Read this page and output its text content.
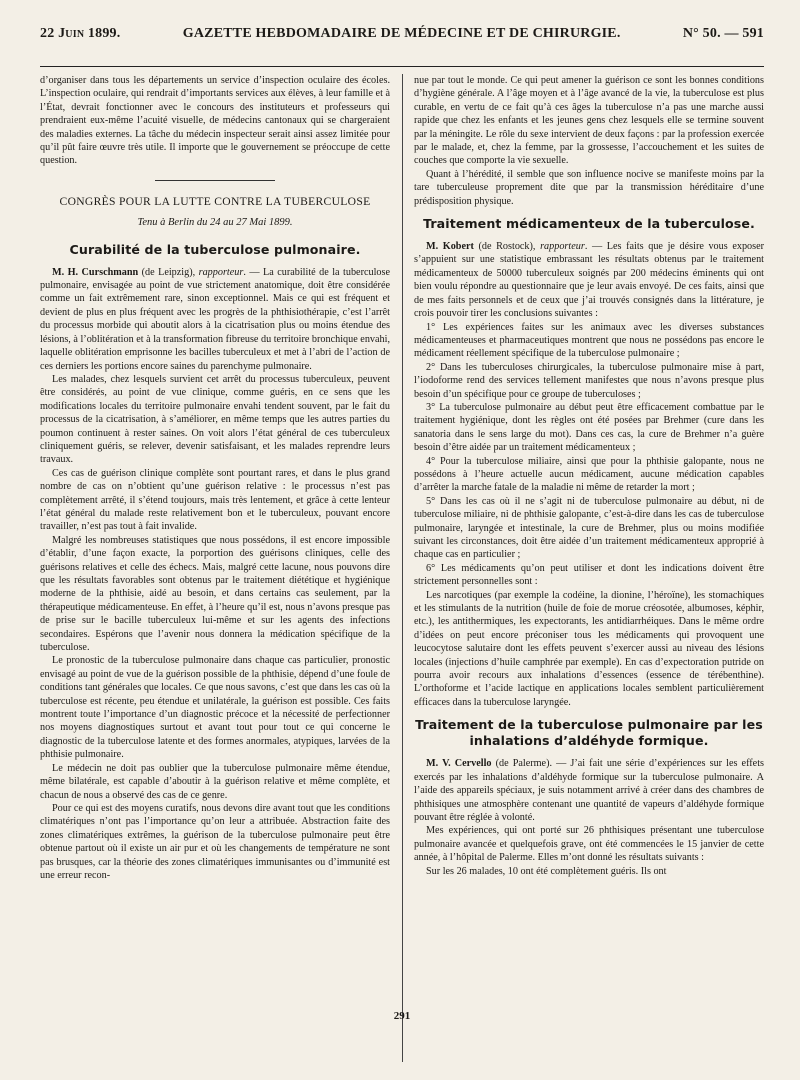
22 Juin 1899.	GAZETTE HEBDOMADAIRE DE MÉDECINE ET DE CHIRURGIE.	N° 50. — 591

d’organiser dans tous les départements un service d’inspection oculaire des écoles. L’inspection oculaire, qui rendrait d’importants services aux élèves, à leur famille et à l’État, devrait fonctionner avec le concours des instituteurs et professeurs qui prendraient eux-même l’acuité visuelle, de médecins cantonaux qui se chargeraient des maladies externes. La tâche du médecin inspecteur serait ainsi assez limitée pour qu’il pût faire œuvre très utile. Il importe que le gouvernement se préoccupe de cette question.

CONGRÈS POUR LA LUTTE CONTRE LA TUBERCULOSE
Tenu à Berlin du 24 au 27 Mai 1899.
Curabilité de la tuberculose pulmonaire.

M. H. Curschmann (de Leipzig), rapporteur. — La curabilité de la tuberculose pulmonaire, envisagée au point de vue strictement anatomique, doit être considérée comme un fait extrêmement rare, sinon exceptionnel. Mais ce qui est fréquent et devient de plus en plus fréquent avec les progrès de la phthisiothérapie, c’est l’arrêt du processus morbide qui aboutit alors à la cicatrisation plus ou moins étendue des lésions, à l’oblitération et à la transformation fibreuse du territoire bronchique envahi, laquelle oblitération emprisonne les bacilles tuberculeux et met à l’abri de l’action de ces derniers les portions encore saines du parenchyme pulmonaire.

Les malades, chez lesquels survient cet arrêt du processus tuberculeux, peuvent être considérés, au point de vue clinique, comme guéris, en ce sens que les modifications locales du territoire pulmonaire envahi tendent souvent, par le fait du processus de la cicatrisation, à s’améliorer, en même temps que les autres parties du poumon continuent à rester saines. On voit alors l’état général de ces tuberculeux cliniquement guéris, se relever, devenir satisfaisant, et les malades reprendre leurs travaux.

Ces cas de guérison clinique complète sont pourtant rares, et dans le plus grand nombre de cas on n’obtient qu’une guérison relative : le processus n’est pas complètement arrêté, il s’étend toujours, mais très lentement, et grâce à cette lenteur l’état général du malade reste relativement bon et le tuberculeux, pouvant encore travailler, n’est pas tout à fait invalide.

Malgré les nombreuses statistiques que nous possédons, il est encore impossible d’établir, d’une façon exacte, la porportion des guérisons cliniques, celle des guérisons relatives et celle des échecs. Mais, malgré cette lacune, nous pouvons dire que les résultats favorables sont obtenus par le traitement diététique et hygiénique moderne de la phthisie, aidé au besoin, et dans certains cas seulement, par la thérapeutique médicamenteuse. En effet, à l’heure qu’il est, nous n’avons presque pas de prise sur le bacille tuberculeux lui-même et sur les agents des infections secondaires. Espérons que l’avenir nous donnera la médication spécifique de la tuberculose.

Le pronostic de la tuberculose pulmonaire dans chaque cas particulier, pronostic envisagé au point de vue de la guérison possible de la phthisie, dépend d’une foule de conditions tant générales que locales. Ce que nous savons, c’est que dans les cas où la tuberculose est récente, peu étendue et unilatérale, la guérison est possible. Ces faits montrent toute l’importance d’un diagnostic précoce et la nécessité de perfectionner nos moyens diagnostiques surtout et avant tout pour tout ce qui concerne le diagnostic de la tuberculose latente et des formes anormales, atypiques, larvées de la phthisie pulmonaire.

Le médecin ne doit pas oublier que la tuberculose pulmonaire même étendue, même bilatérale, est capable d’aboutir à la guérison relative et même complète, et chacun de nous a observé des cas de ce genre.

Pour ce qui est des moyens curatifs, nous devons dire avant tout que les conditions climatériques n’ont pas l’importance qu’on leur a attribuée. Abstraction faite des zones climatériques extrêmes, la guérison de la tuberculose pulmonaire peut être obtenue partout où il existe un air pur et où les changements de température ne sont pas brusques, car la théorie des zones climatériques immunisantes ou d’immunité est une erreur recon-

nue par tout le monde. Ce qui peut amener la guérison ce sont les bonnes conditions d’hygiène générale. A l’âge moyen et à l’âge avancé de la vie, la tuberculose est plus curable, en vertu de ce fait qu’à ces âges la tuberculose n’a pas une marche aussi rapide que chez les enfants et les jeunes gens chez lesquels elle se termine souvent par la méningite. Le rôle du sexe intervient de deux façons : par la profession exercée par le malade, et, chez la femme, par la grossesse, l’accouchement et les suites de couches que comporte la vie sexuelle.

Quant à l’hérédité, il semble que son influence nocive se manifeste moins par la tare tuberculeuse proprement dite que par la transmission héréditaire d’une prédisposition physique.

Traitement médicamenteux de la tuberculose.

M. Kobert (de Rostock), rapporteur. — Les faits que je désire vous exposer s’appuient sur une statistique embrassant les résultats obtenus par le traitement médicamenteux de 50000 tuberculeux soignés par 200 médecins éminents qui ont bien voulu répondre au questionnaire que je leur avais envoyé. De ces faits, ainsi que de mes faits personnels et de ceux que j’ai trouvés consignés dans la littérature, je crois pouvoir tirer les conclusions suivantes :

1° Les expériences faites sur les animaux avec les diverses substances médicamenteuses et pharmaceutiques montrent que nous ne possédons pas encore le médicament réellement spécifique de la tuberculose pulmonaire ;

2° Dans les tuberculoses chirurgicales, la tuberculose pulmonaire mise à part, l’iodoforme rend des services tellement manifestes que nous n’avons presque plus besoin d’un spécifique pour ce groupe de tuberculoses ;

3° La tuberculose pulmonaire au début peut être efficacement combattue par le traitement hygiénique, dont les règles ont été posées par Brehmer (cure dans les sanatoria dans le sens large du mot). Dans ces cas, la cure de Brehmer n’a guère besoin d’être aidée par un traitement médicamenteux ;

4° Pour la tuberculose miliaire, ainsi que pour la phthisie galopante, nous ne possédons à l’heure actuelle aucun médicament, aucune médication capables d’arrêter la marche fatale de la maladie ni même de retarder la mort ;

5° Dans les cas où il ne s’agit ni de tuberculose pulmonaire au début, ni de tuberculose miliaire, ni de phthisie galopante, c’est-à-dire dans les cas de tuberculose pulmonaire, laryngée et intestinale, la cure de Brehmer, plus ou moins modifiée suivant les circonstances, doit être aidée d’un traitement médicamenteux approprié à chaque cas en particulier ;

6° Les médicaments qu’on peut utiliser et dont les indications doivent être strictement personnelles sont :

Les narcotiques (par exemple la codéine, la dionine, l’héroïne), les stomachiques et les stimulants de la nutrition (huile de foie de morue créosotée, albumoses, képhir, etc.), les antithermiques, les expectorants, les antidiarrhéiques. Dans le même ordre d’idées on peut encore préconiser tous les médicaments qui provoquent une leucocytose salutaire dont les effets peuvent s’exercer aussi au niveau des lésions locales (injections d’huile camphrée par exemple). En cas d’expectoration putride on pourra avoir recours aux inhalations d’essences (essence de térébenthine). L’orthoforme et l’acide lactique en applications locales semblent particulièrement efficaces dans la tuberculose laryngée.

Traitement de la tuberculose pulmonaire par les inhalations d’aldéhyde formique.

M. V. Cervello (de Palerme). — J’ai fait une série d’expériences sur les effets exercés par les inhalations d’aldéhyde formique sur la tuberculose pulmonaire. A l’aide des appareils spéciaux, je suis notamment arrivé à créer dans des chambres de phthisiques une atmosphère contenant une quantité de vapeurs d’aldéhyde formique pouvant être réglée à volonté.

Mes expériences, qui ont porté sur 26 phthisiques présentant une tuberculose pulmonaire avancée et quelquefois grave, ont été commencées le 15 janvier de cette année, à l’hôpital de Palerme. Elles m’ont donné les résultats suivants :

Sur les 26 malades, 10 ont été complètement guéris. Ils ont

291
